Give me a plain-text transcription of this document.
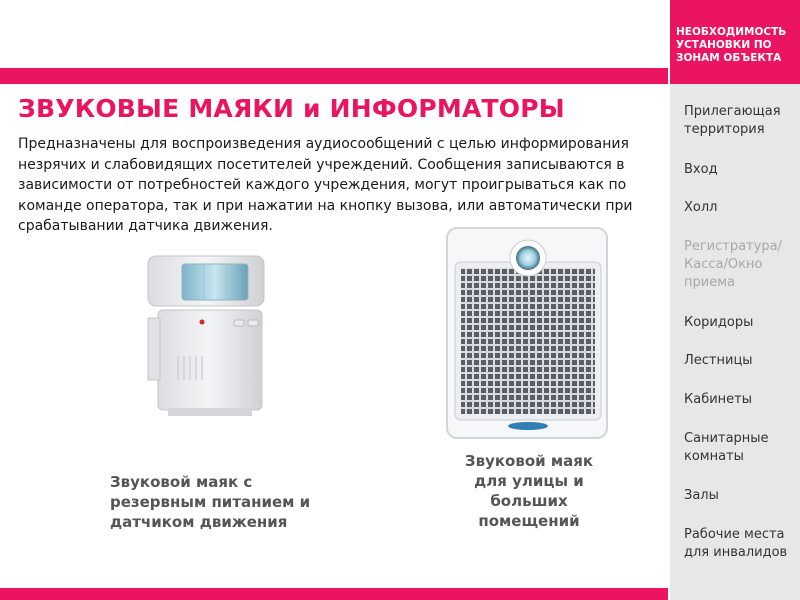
НЕОБХОДИМОСТЬ УСТАНОВКИ ПО ЗОНАМ ОБЪЕКТА
Прилегающая территория
Вход
Холл
Регистратура/ Касса/Окно приема
Коридоры
Лестницы
Кабинеты
Санитарные комнаты
Залы
Рабочие места для инвалидов
ЗВУКОВЫЕ МАЯКИ и ИНФОРМАТОРЫ
Предназначены для воспроизведения аудиосообщений с целью информирования незрячих и слабовидящих посетителей учреждений. Сообщения записываются в зависимости от потребностей каждого учреждения, могут проигрываться как по команде оператора, так и при нажатии на кнопку вызова, или автоматически при срабатывании датчика движения.
Звуковой маяк с резервным питанием и датчиком движения
Звуковой маяк для улицы и больших помещений
